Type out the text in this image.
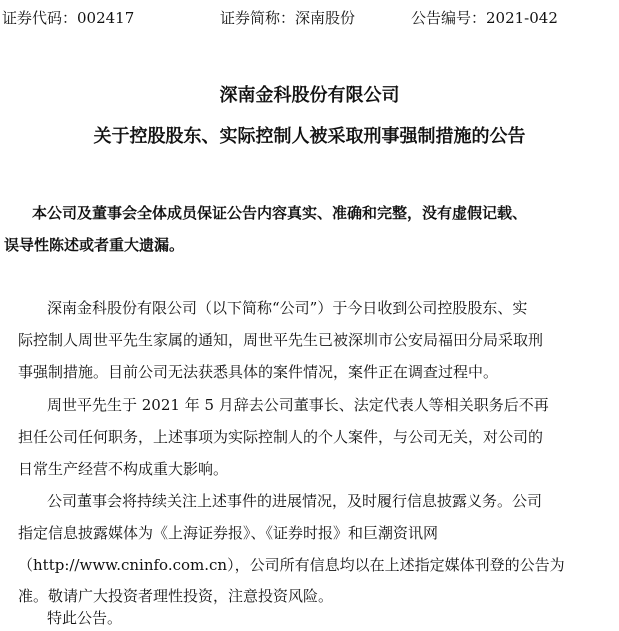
证券代码：002417	证券简称：深南股份	公告编号：2021-042
深南金科股份有限公司
关于控股股东、实际控制人被采取刑事强制措施的公告
本公司及董事会全体成员保证公告内容真实、准确和完整，没有虚假记载、
误导性陈述或者重大遗漏。
深南金科股份有限公司（以下简称“公司”）于今日收到公司控股股东、实
际控制人周世平先生家属的通知，周世平先生已被深圳市公安局福田分局采取刑
事强制措施。目前公司无法获悉具体的案件情况，案件正在调查过程中。
周世平先生于 2021 年 5 月辞去公司董事长、法定代表人等相关职务后不再
担任公司任何职务，上述事项为实际控制人的个人案件，与公司无关，对公司的
日常生产经营不构成重大影响。
公司董事会将持续关注上述事件的进展情况，及时履行信息披露义务。公司
指定信息披露媒体为《上海证券报》、《证券时报》和巨潮资讯网
（http://www.cninfo.com.cn），公司所有信息均以在上述指定媒体刊登的公告为
准。敬请广大投资者理性投资，注意投资风险。
特此公告。
